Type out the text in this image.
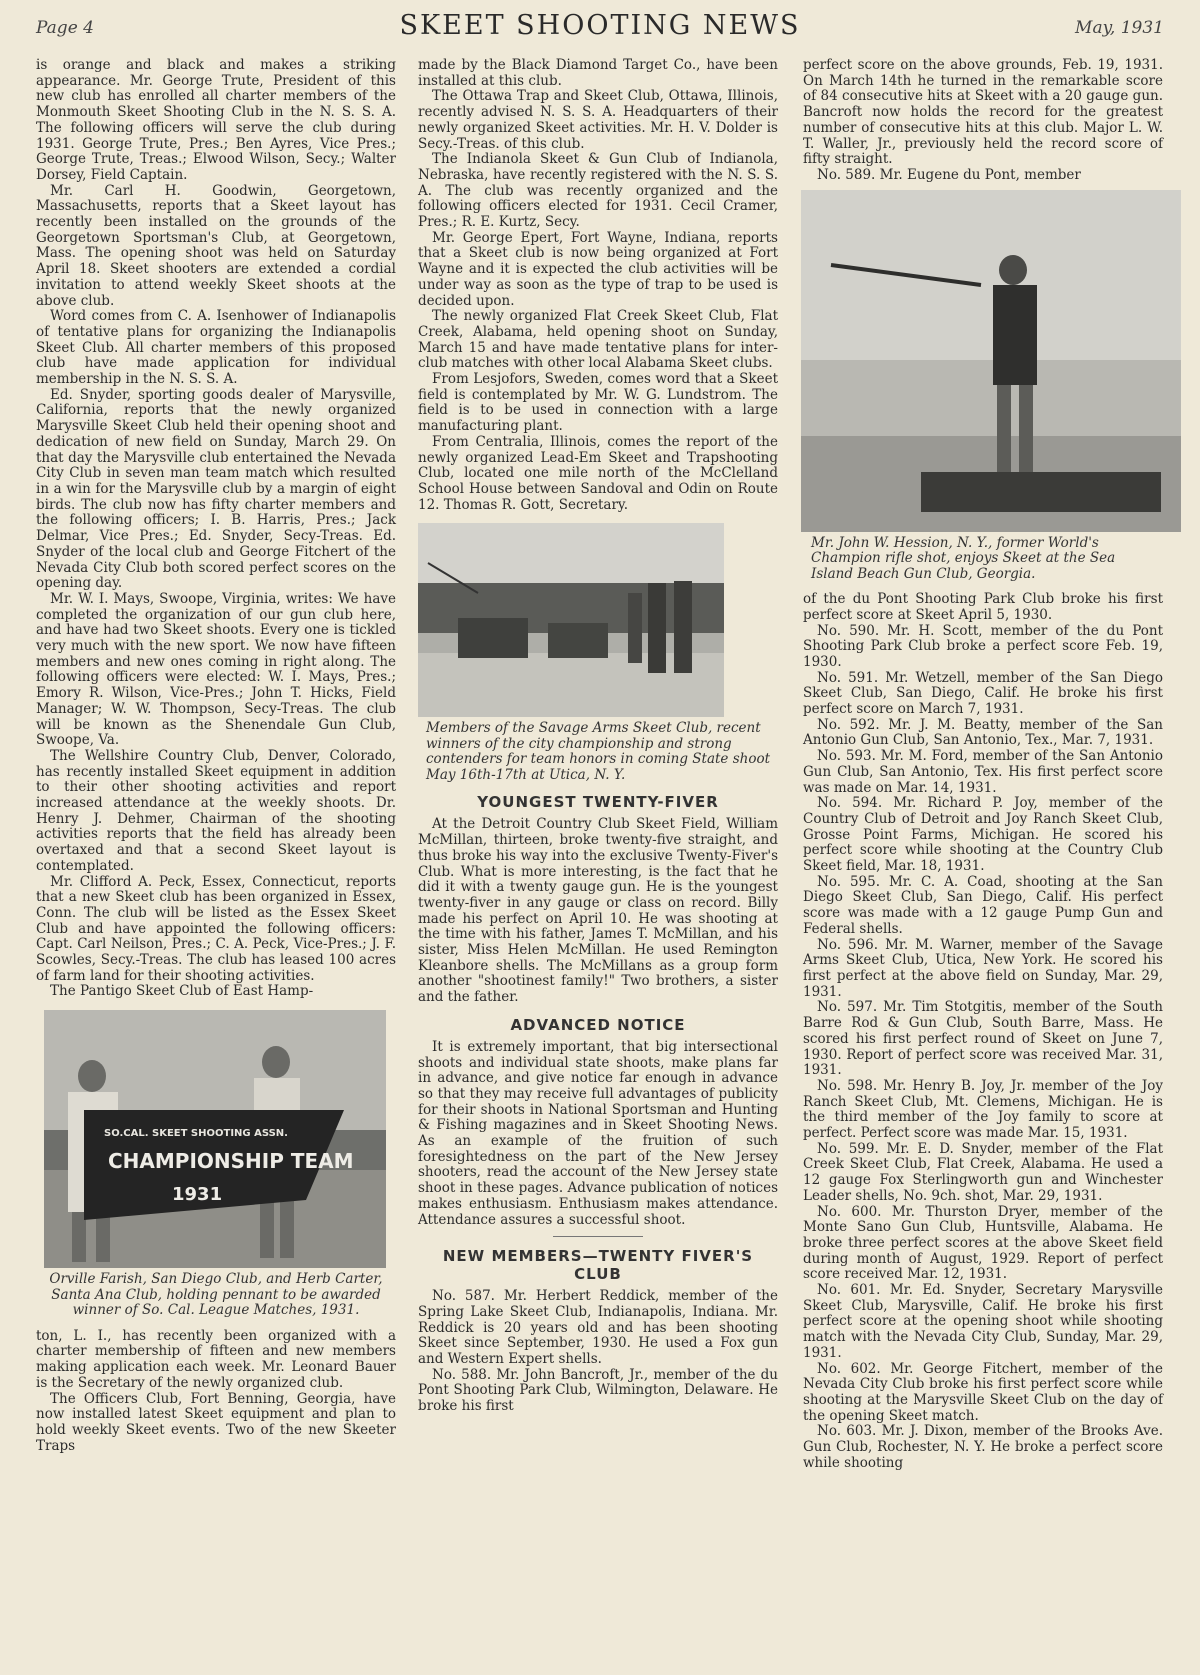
Page 4	SKEET SHOOTING NEWS	May, 1931

is orange and black and makes a striking appearance. Mr. George Trute, President of this new club has enrolled all charter members of the Monmouth Skeet Shooting Club in the N. S. S. A. The following officers will serve the club during 1931. George Trute, Pres.; Ben Ayres, Vice Pres.; George Trute, Treas.; Elwood Wilson, Secy.; Walter Dorsey, Field Captain.

Mr. Carl H. Goodwin, Georgetown, Massachusetts, reports that a Skeet layout has recently been installed on the grounds of the Georgetown Sportsman's Club, at Georgetown, Mass. The opening shoot was held on Saturday April 18. Skeet shooters are extended a cordial invitation to attend weekly Skeet shoots at the above club.

Word comes from C. A. Isenhower of Indianapolis of tentative plans for organizing the Indianapolis Skeet Club. All charter members of this proposed club have made application for individual membership in the N. S. S. A.

Ed. Snyder, sporting goods dealer of Marysville, California, reports that the newly organized Marysville Skeet Club held their opening shoot and dedication of new field on Sunday, March 29. On that day the Marysville club entertained the Nevada City Club in seven man team match which resulted in a win for the Marysville club by a margin of eight birds. The club now has fifty charter members and the following officers; I. B. Harris, Pres.; Jack Delmar, Vice Pres.; Ed. Snyder, Secy-Treas. Ed. Snyder of the local club and George Fitchert of the Nevada City Club both scored perfect scores on the opening day.

Mr. W. I. Mays, Swoope, Virginia, writes: We have completed the organization of our gun club here, and have had two Skeet shoots. Every one is tickled very much with the new sport. We now have fifteen members and new ones coming in right along. The following officers were elected: W. I. Mays, Pres.; Emory R. Wilson, Vice-Pres.; John T. Hicks, Field Manager; W. W. Thompson, Secy-Treas. The club will be known as the Shenendale Gun Club, Swoope, Va.

The Wellshire Country Club, Denver, Colorado, has recently installed Skeet equipment in addition to their other shooting activities and report increased attendance at the weekly shoots. Dr. Henry J. Dehmer, Chairman of the shooting activities reports that the field has already been overtaxed and that a second Skeet layout is contemplated.

Mr. Clifford A. Peck, Essex, Connecticut, reports that a new Skeet club has been organized in Essex, Conn. The club will be listed as the Essex Skeet Club and have appointed the following officers: Capt. Carl Neilson, Pres.; C. A. Peck, Vice-Pres.; J. F. Scowles, Secy.-Treas. The club has leased 100 acres of farm land for their shooting activities.

The Pantigo Skeet Club of East Hamp-

SO.CAL. SKEET SHOOTING ASSN.
CHAMPIONSHIP TEAM
1931
Orville Farish, San Diego Club, and Herb Carter, Santa Ana Club, holding pennant to be awarded winner of So. Cal. League Matches, 1931.

ton, L. I., has recently been organized with a charter membership of fifteen and new members making application each week. Mr. Leonard Bauer is the Secretary of the newly organized club.

The Officers Club, Fort Benning, Georgia, have now installed latest Skeet equipment and plan to hold weekly Skeet events. Two of the new Skeeter Traps

made by the Black Diamond Target Co., have been installed at this club.

The Ottawa Trap and Skeet Club, Ottawa, Illinois, recently advised N. S. S. A. Headquarters of their newly organized Skeet activities. Mr. H. V. Dolder is Secy.-Treas. of this club.

The Indianola Skeet & Gun Club of Indianola, Nebraska, have recently registered with the N. S. S. A. The club was recently organized and the following officers elected for 1931. Cecil Cramer, Pres.; R. E. Kurtz, Secy.

Mr. George Epert, Fort Wayne, Indiana, reports that a Skeet club is now being organized at Fort Wayne and it is expected the club activities will be under way as soon as the type of trap to be used is decided upon.

The newly organized Flat Creek Skeet Club, Flat Creek, Alabama, held opening shoot on Sunday, March 15 and have made tentative plans for inter-club matches with other local Alabama Skeet clubs.

From Lesjofors, Sweden, comes word that a Skeet field is contemplated by Mr. W. G. Lundstrom. The field is to be used in connection with a large manufacturing plant.

From Centralia, Illinois, comes the report of the newly organized Lead-Em Skeet and Trapshooting Club, located one mile north of the McClelland School House between Sandoval and Odin on Route 12. Thomas R. Gott, Secretary.

Members of the Savage Arms Skeet Club, recent winners of the city championship and strong contenders for team honors in coming State shoot May 16th-17th at Utica, N. Y.
YOUNGEST TWENTY-FIVER

At the Detroit Country Club Skeet Field, William McMillan, thirteen, broke twenty-five straight, and thus broke his way into the exclusive Twenty-Fiver's Club. What is more interesting, is the fact that he did it with a twenty gauge gun. He is the youngest twenty-fiver in any gauge or class on record. Billy made his perfect on April 10. He was shooting at the time with his father, James T. McMillan, and his sister, Miss Helen McMillan. He used Remington Kleanbore shells. The McMillans as a group form another "shootinest family!" Two brothers, a sister and the father.

ADVANCED NOTICE

It is extremely important, that big intersectional shoots and individual state shoots, make plans far in advance, and give notice far enough in advance so that they may receive full advantages of publicity for their shoots in National Sportsman and Hunting & Fishing magazines and in Skeet Shooting News. As an example of the fruition of such foresightedness on the part of the New Jersey shooters, read the account of the New Jersey state shoot in these pages. Advance publication of notices makes enthusiasm. Enthusiasm makes attendance. Attendance assures a successful shoot.

NEW MEMBERS—TWENTY FIVER'S CLUB

No. 587. Mr. Herbert Reddick, member of the Spring Lake Skeet Club, Indianapolis, Indiana. Mr. Reddick is 20 years old and has been shooting Skeet since September, 1930. He used a Fox gun and Western Expert shells.

No. 588. Mr. John Bancroft, Jr., member of the du Pont Shooting Park Club, Wilmington, Delaware. He broke his first

perfect score on the above grounds, Feb. 19, 1931. On March 14th he turned in the remarkable score of 84 consecutive hits at Skeet with a 20 gauge gun. Bancroft now holds the record for the greatest number of consecutive hits at this club. Major L. W. T. Waller, Jr., previously held the record score of fifty straight.

No. 589. Mr. Eugene du Pont, member

Mr. John W. Hession, N. Y., former World's Champion rifle shot, enjoys Skeet at the Sea Island Beach Gun Club, Georgia.

of the du Pont Shooting Park Club broke his first perfect score at Skeet April 5, 1930.

No. 590. Mr. H. Scott, member of the du Pont Shooting Park Club broke a perfect score Feb. 19, 1930.

No. 591. Mr. Wetzell, member of the San Diego Skeet Club, San Diego, Calif. He broke his first perfect score on March 7, 1931.

No. 592. Mr. J. M. Beatty, member of the San Antonio Gun Club, San Antonio, Tex., Mar. 7, 1931.

No. 593. Mr. M. Ford, member of the San Antonio Gun Club, San Antonio, Tex. His first perfect score was made on Mar. 14, 1931.

No. 594. Mr. Richard P. Joy, member of the Country Club of Detroit and Joy Ranch Skeet Club, Grosse Point Farms, Michigan. He scored his perfect score while shooting at the Country Club Skeet field, Mar. 18, 1931.

No. 595. Mr. C. A. Coad, shooting at the San Diego Skeet Club, San Diego, Calif. His perfect score was made with a 12 gauge Pump Gun and Federal shells.

No. 596. Mr. M. Warner, member of the Savage Arms Skeet Club, Utica, New York. He scored his first perfect at the above field on Sunday, Mar. 29, 1931.

No. 597. Mr. Tim Stotgitis, member of the South Barre Rod & Gun Club, South Barre, Mass. He scored his first perfect round of Skeet on June 7, 1930. Report of perfect score was received Mar. 31, 1931.

No. 598. Mr. Henry B. Joy, Jr. member of the Joy Ranch Skeet Club, Mt. Clemens, Michigan. He is the third member of the Joy family to score at perfect. Perfect score was made Mar. 15, 1931.

No. 599. Mr. E. D. Snyder, member of the Flat Creek Skeet Club, Flat Creek, Alabama. He used a 12 gauge Fox Sterlingworth gun and Winchester Leader shells, No. 9ch. shot, Mar. 29, 1931.

No. 600. Mr. Thurston Dryer, member of the Monte Sano Gun Club, Huntsville, Alabama. He broke three perfect scores at the above Skeet field during month of August, 1929. Report of perfect score received Mar. 12, 1931.

No. 601. Mr. Ed. Snyder, Secretary Marysville Skeet Club, Marysville, Calif. He broke his first perfect score at the opening shoot while shooting match with the Nevada City Club, Sunday, Mar. 29, 1931.

No. 602. Mr. George Fitchert, member of the Nevada City Club broke his first perfect score while shooting at the Marysville Skeet Club on the day of the opening Skeet match.

No. 603. Mr. J. Dixon, member of the Brooks Ave. Gun Club, Rochester, N. Y. He broke a perfect score while shooting
